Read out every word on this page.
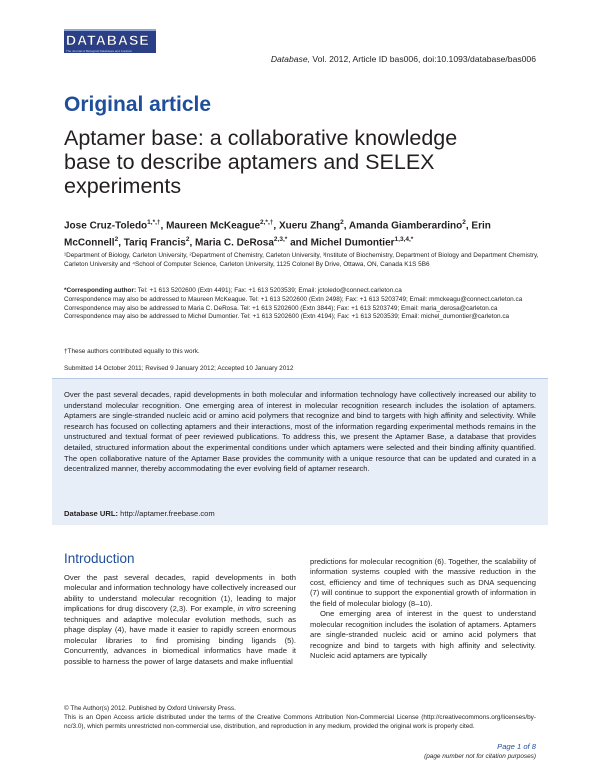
DATABASE
The Journal of Biological Databases and Curation
Database, Vol. 2012, Article ID bas006, doi:10.1093/database/bas006
Original article
Aptamer base: a collaborative knowledge base to describe aptamers and SELEX experiments
Jose Cruz-Toledo$^{1,*,\dagger}$, Maureen McKeague$^{2,*,\dagger}$, Xueru Zhang$^2$, Amanda Giamberardino$^2$, Erin McConnell$^2$, Tariq Francis$^2$, Maria C. DeRosa$^{2,3,*}$ and Michel Dumontier$^{1,3,4,*}$
¹Department of Biology, Carleton University, ²Department of Chemistry, Carleton University, ³Institute of Biochemistry, Department of Biology and Department Chemistry, Carleton University and ⁴School of Computer Science, Carleton University, 1125 Colonel By Drive, Ottawa, ON, Canada K1S 5B6
*Corresponding author: Tel: +1 613 5202600 (Extn 4491); Fax: +1 613 5203539; Email: jctoledo@connect.carleton.ca
Correspondence may also be addressed to Maureen McKeague. Tel: +1 613 5202600 (Extn 2498); Fax: +1 613 5203749; Email: mmckeagu@connect.carleton.ca
Correspondence may also be addressed to Maria C. DeRosa. Tel: +1 613 5202600 (Extn 3844); Fax: +1 613 5203749; Email: maria_derosa@carleton.ca
Correspondence may also be addressed to Michel Dumontier. Tel: +1 613 5202600 (Extn 4194); Fax: +1 613 5203539; Email: michel_dumontier@carleton.ca
†These authors contributed equally to this work.
Submitted 14 October 2011; Revised 9 January 2012; Accepted 10 January 2012
Over the past several decades, rapid developments in both molecular and information technology have collectively increased our ability to understand molecular recognition. One emerging area of interest in molecular recognition research includes the isolation of aptamers. Aptamers are single-stranded nucleic acid or amino acid polymers that recognize and bind to targets with high affinity and selectivity. While research has focused on collecting aptamers and their interactions, most of the information regarding experimental methods remains in the unstructured and textual format of peer reviewed publications. To address this, we present the Aptamer Base, a database that provides detailed, structured information about the experimental conditions under which aptamers were selected and their binding affinity quantified. The open collaborative nature of the Aptamer Base provides the community with a unique resource that can be updated and curated in a decentralized manner, thereby accommodating the ever evolving field of aptamer research.
Database URL: http://aptamer.freebase.com
Introduction
Over the past several decades, rapid developments in both molecular and information technology have collectively increased our ability to understand molecular recognition (1), leading to major implications for drug discovery (2,3). For example, in vitro screening techniques and adaptive molecular evolution methods, such as phage display (4), have made it easier to rapidly screen enormous molecular libraries to find promising binding ligands (5). Concurrently, advances in biomedical informatics have made it possible to harness the power of large datasets and make influential
predictions for molecular recognition (6). Together, the scalability of information systems coupled with the massive reduction in the cost, efficiency and time of techniques such as DNA sequencing (7) will continue to support the exponential growth of information in the field of molecular biology (8–10).
One emerging area of interest in the quest to understand molecular recognition includes the isolation of aptamers. Aptamers are single-stranded nucleic acid or amino acid polymers that recognize and bind to targets with high affinity and selectivity. Nucleic acid aptamers are typically
© The Author(s) 2012. Published by Oxford University Press.
This is an Open Access article distributed under the terms of the Creative Commons Attribution Non-Commercial License (http://creativecommons.org/licenses/by-nc/3.0), which permits unrestricted non-commercial use, distribution, and reproduction in any medium, provided the original work is properly cited.
Page 1 of 8
(page number not for citation purposes)
